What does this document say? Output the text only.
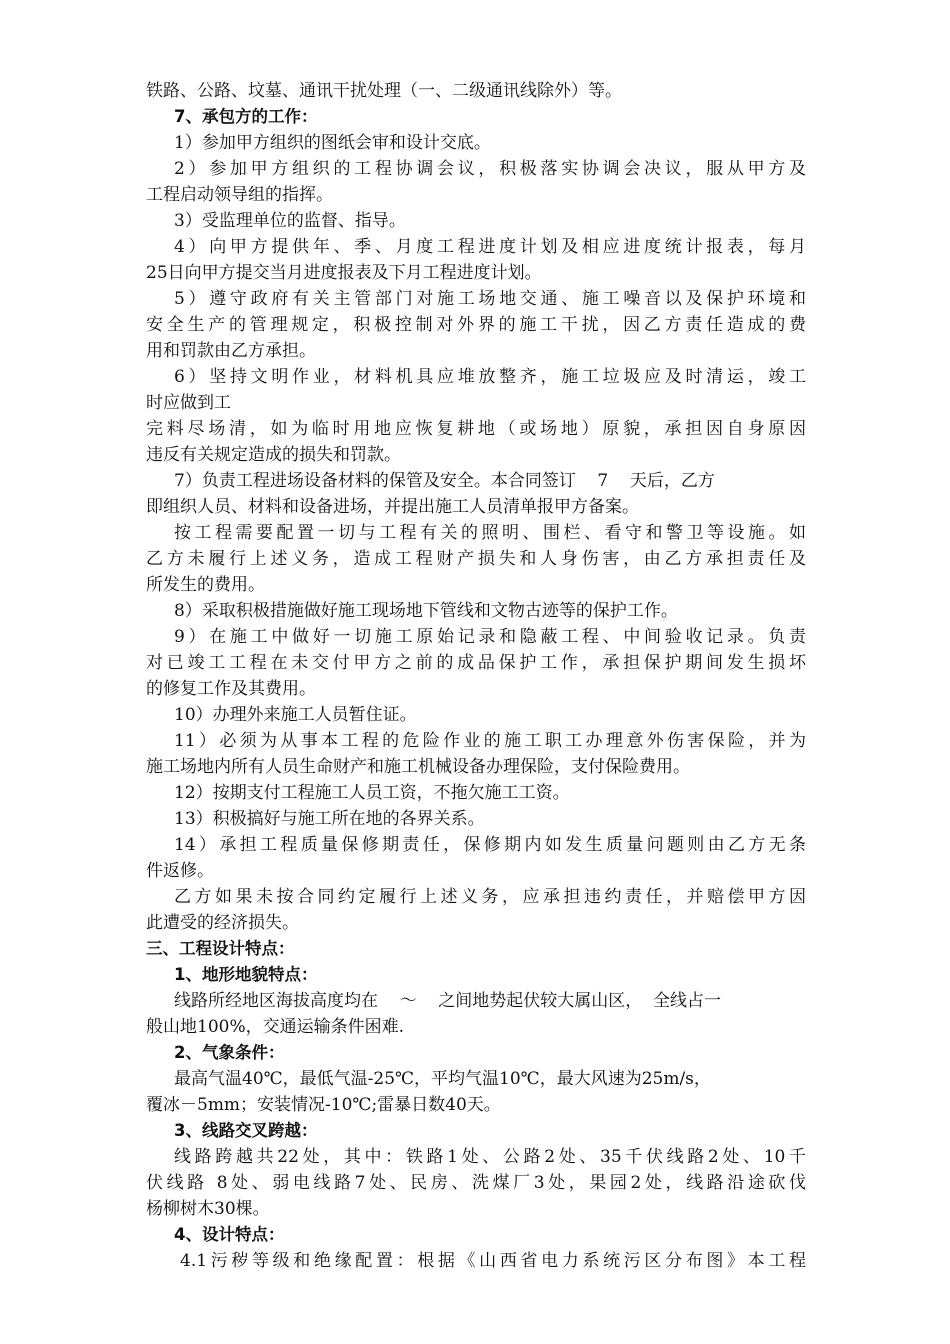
铁路、公路、坟墓、通讯干扰处理（一、二级通讯线除外）等。
7、承包方的工作：
1）参加甲方组织的图纸会审和设计交底。
2）参加甲方组织的工程协调会议，积极落实协调会决议，服从甲方及
工程启动领导组的指挥。
3）受监理单位的监督、指导。
4）向甲方提供年、季、月度工程进度计划及相应进度统计报表，每月
25日向甲方提交当月进度报表及下月工程进度计划。
5）遵守政府有关主管部门对施工场地交通、施工噪音以及保护环境和
安全生产的管理规定，积极控制对外界的施工干扰，因乙方责任造成的费
用和罚款由乙方承担。
6）坚持文明作业，材料机具应堆放整齐，施工垃圾应及时清运，竣工
时应做到工
完料尽场清，如为临时用地应恢复耕地（或场地）原貌，承担因自身原因
违反有关规定造成的损失和罚款。
7）负责工程进场设备材料的保管及安全。本合同签订    7    天后，乙方
即组织人员、材料和设备进场，并提出施工人员清单报甲方备案。
按工程需要配置一切与工程有关的照明、围栏、看守和警卫等设施。如
乙方未履行上述义务，造成工程财产损失和人身伤害，由乙方承担责任及
所发生的费用。
8）采取积极措施做好施工现场地下管线和文物古迹等的保护工作。
9）在施工中做好一切施工原始记录和隐蔽工程、中间验收记录。负责
对已竣工工程在未交付甲方之前的成品保护工作，承担保护期间发生损坏
的修复工作及其费用。
10）办理外来施工人员暂住证。
11）必须为从事本工程的危险作业的施工职工办理意外伤害保险，并为
施工场地内所有人员生命财产和施工机械设备办理保险，支付保险费用。
12）按期支付工程施工人员工资，不拖欠施工工资。
13）积极搞好与施工所在地的各界关系。
14）承担工程质量保修期责任，保修期内如发生质量问题则由乙方无条
件返修。
乙方如果未按合同约定履行上述义务，应承担违约责任，并赔偿甲方因
此遭受的经济损失。
三、工程设计特点：
1、地形地貌特点：
线路所经地区海拔高度均在    ～    之间地势起伏较大属山区，  全线占一
般山地100%，交通运输条件困难.
2、气象条件：
最高气温40℃，最低气温-25℃，平均气温10℃，最大风速为25m/s，
覆冰－5mm；安装情况-10℃;雷暴日数40天。
3、线路交叉跨越：
线路跨越共22处，其中：铁路1处、公路2处、35千伏线路2处、10千
伏线路 8处、弱电线路7处、民房、洗煤厂3处，果园2处，线路沿途砍伐
杨柳树木30棵。
4、设计特点：
4.1污秽等级和绝缘配置：根据《山西省电力系统污区分布图》本工程
